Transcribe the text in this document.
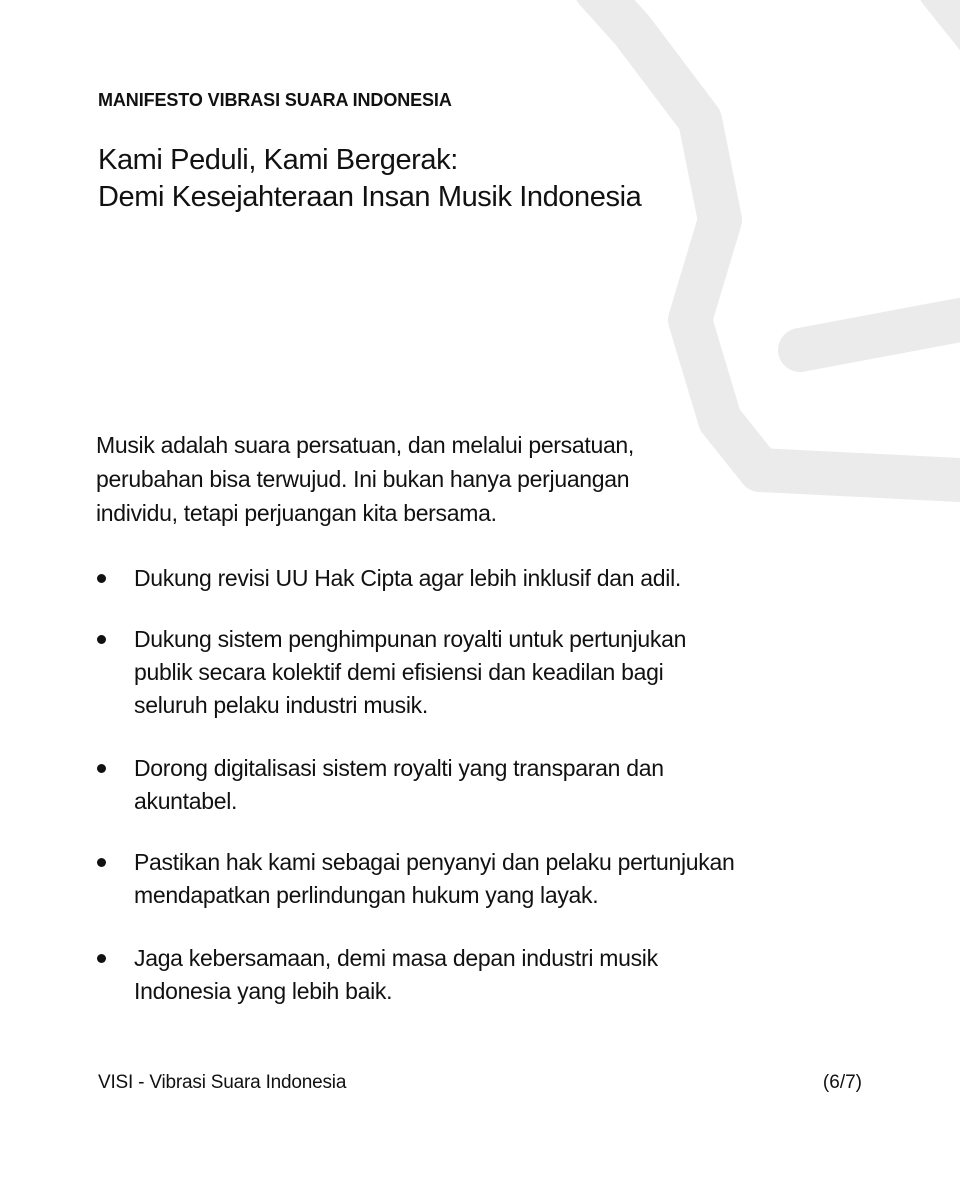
MANIFESTO VIBRASI SUARA INDONESIA
Kami Peduli, Kami Bergerak:
Demi Kesejahteraan Insan Musik Indonesia
Musik adalah suara persatuan, dan melalui persatuan,
perubahan bisa terwujud. Ini bukan hanya perjuangan
individu, tetapi perjuangan kita bersama.
Dukung revisi UU Hak Cipta agar lebih inklusif dan adil.
Dukung sistem penghimpunan royalti untuk pertunjukan
publik secara kolektif demi efisiensi dan keadilan bagi
seluruh pelaku industri musik.
Dorong digitalisasi sistem royalti yang transparan dan
akuntabel.
Pastikan hak kami sebagai penyanyi dan pelaku pertunjukan
mendapatkan perlindungan hukum yang layak.
Jaga kebersamaan, demi masa depan industri musik
Indonesia yang lebih baik.
VISI - Vibrasi Suara Indonesia	(6/7)
